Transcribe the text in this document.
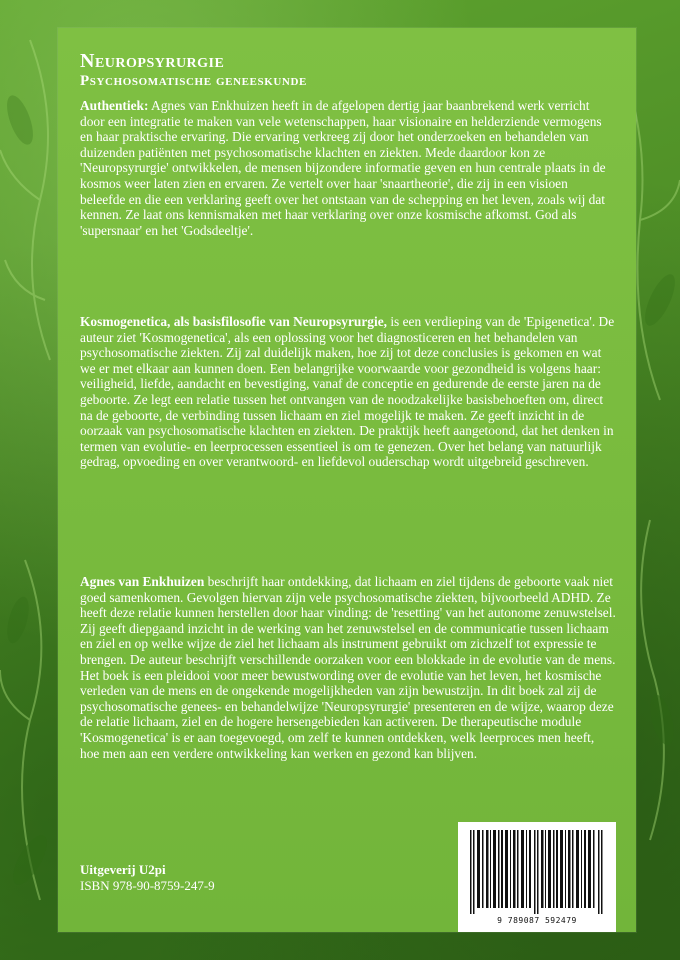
Neuropsyrurgie
Psychosomatische geneeskunde

Authentiek: Agnes van Enkhuizen heeft in de afgelopen dertig jaar baanbrekend werk verricht door een integratie te maken van vele wetenschappen, haar visionaire en helderziende vermogens en haar praktische ervaring. Die ervaring verkreeg zij door het onderzoeken en behandelen van duizenden patiënten met psychosomatische klachten en ziekten. Mede daardoor kon ze 'Neuropsyrurgie' ontwikkelen, de mensen bijzondere informatie geven en hun centrale plaats in de kosmos weer laten zien en ervaren. Ze vertelt over haar 'snaartheorie', die zij in een visioen beleefde en die een verklaring geeft over het ontstaan van de schepping en het leven, zoals wij dat kennen. Ze laat ons kennismaken met haar verklaring over onze kosmische afkomst. God als 'supersnaar' en het 'Godsdeeltje'.

Kosmogenetica, als basisfilosofie van Neuropsyrurgie, is een verdieping van de 'Epigenetica'. De auteur ziet 'Kosmogenetica', als een oplossing voor het diagnosticeren en het behandelen van psychosomatische ziekten. Zij zal duidelijk maken, hoe zij tot deze conclusies is gekomen en wat we er met elkaar aan kunnen doen. Een belangrijke voorwaarde voor gezondheid is volgens haar: veiligheid, liefde, aandacht en bevestiging, vanaf de conceptie en gedurende de eerste jaren na de geboorte. Ze legt een relatie tussen het ontvangen van de noodzakelijke basisbehoeften om, direct na de geboorte, de verbinding tussen lichaam en ziel mogelijk te maken. Ze geeft inzicht in de oorzaak van psychosomatische klachten en ziekten. De praktijk heeft aangetoond, dat het denken in termen van evolutie- en leerprocessen essentieel is om te genezen. Over het belang van natuurlijk gedrag, opvoeding en over verantwoord- en liefdevol ouderschap wordt uitgebreid geschreven.

Agnes van Enkhuizen beschrijft haar ontdekking, dat lichaam en ziel tijdens de geboorte vaak niet goed samenkomen. Gevolgen hiervan zijn vele psychosomatische ziekten, bijvoorbeeld ADHD. Ze heeft deze relatie kunnen herstellen door haar vinding: de 'resetting' van het autonome zenuwstelsel. Zij geeft diepgaand inzicht in de werking van het zenuwstelsel en de communicatie tussen lichaam en ziel en op welke wijze de ziel het lichaam als instrument gebruikt om zichzelf tot expressie te brengen. De auteur beschrijft verschillende oorzaken voor een blokkade in de evolutie van de mens. Het boek is een pleidooi voor meer bewustwording over de evolutie van het leven, het kosmische verleden van de mens en de ongekende mogelijkheden van zijn bewustzijn. In dit boek zal zij de psychosomatische genees- en behandelwijze 'Neuropsyrurgie' presenteren en de wijze, waarop deze de relatie lichaam, ziel en de hogere hersengebieden kan activeren. De therapeutische module 'Kosmogenetica' is er aan toegevoegd, om zelf te kunnen ontdekken, welk leerproces men heeft, hoe men aan een verdere ontwikkeling kan werken en gezond kan blijven.

Uitgeverij U2pi
ISBN 978-90-8759-247-9
9 789087 592479
